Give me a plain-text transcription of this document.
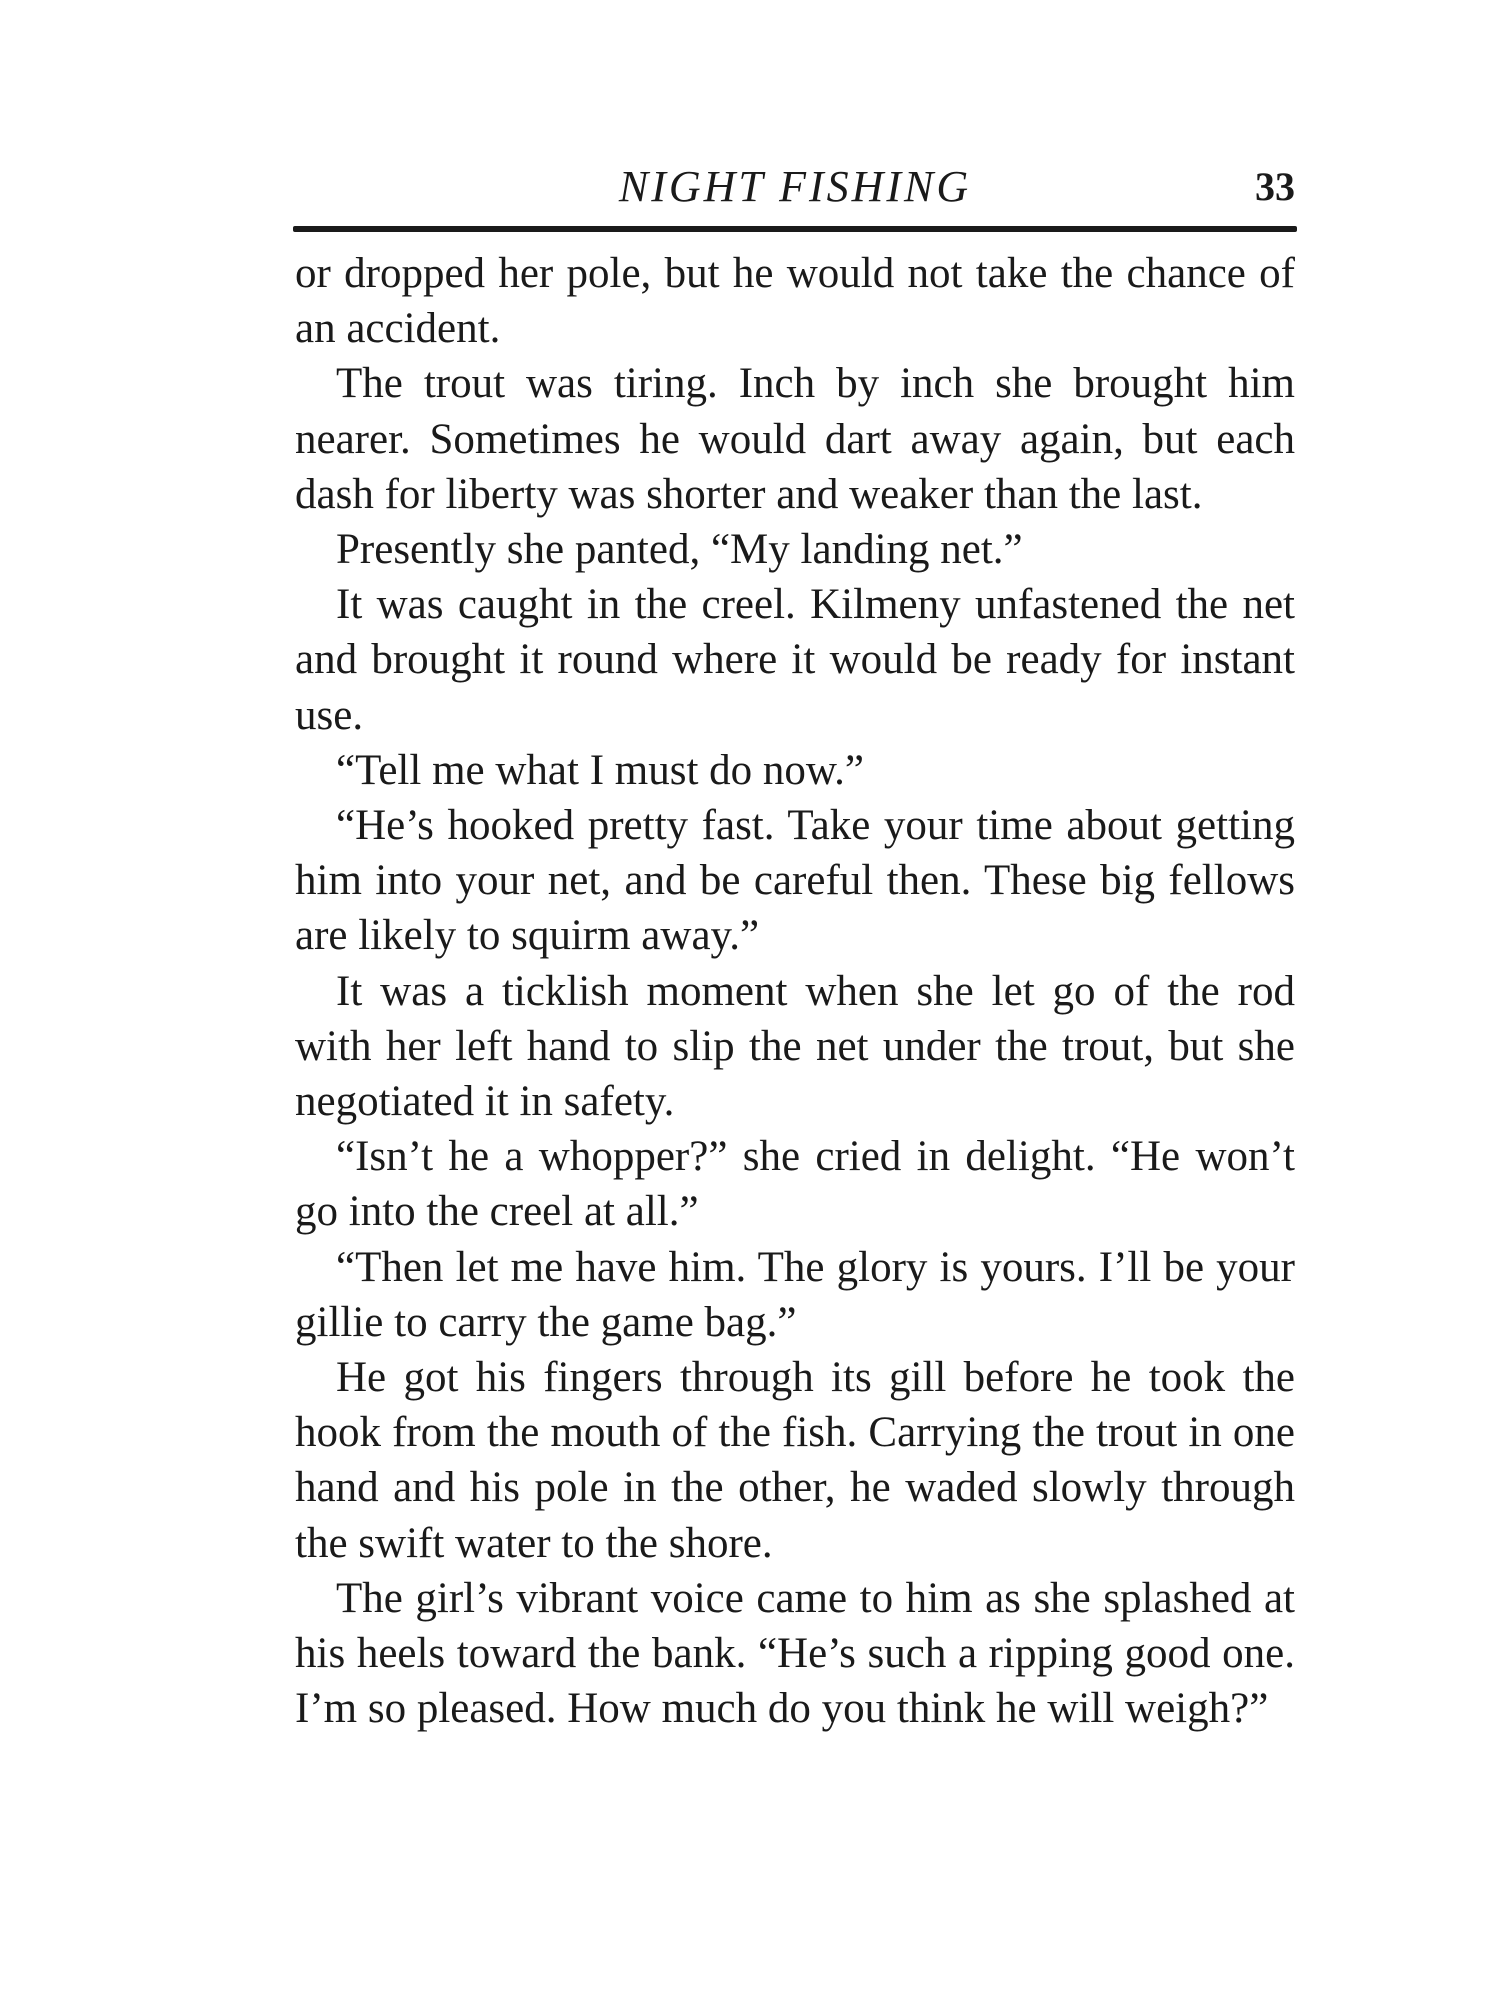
NIGHT FISHING	33

or dropped her pole, but he would not take the chance of an accident.

The trout was tiring. Inch by inch she brought him nearer. Sometimes he would dart away again, but each dash for liberty was shorter and weaker than the last.

Presently she panted, “My landing net.”

It was caught in the creel. Kilmeny unfastened the net and brought it round where it would be ready for instant use.

“Tell me what I must do now.”

“He’s hooked pretty fast. Take your time about getting him into your net, and be careful then. These big fellows are likely to squirm away.”

It was a ticklish moment when she let go of the rod with her left hand to slip the net under the trout, but she negotiated it in safety.

“Isn’t he a whopper?” she cried in delight. “He won’t go into the creel at all.”

“Then let me have him. The glory is yours. I’ll be your gillie to carry the game bag.”

He got his fingers through its gill before he took the hook from the mouth of the fish. Carrying the trout in one hand and his pole in the other, he waded slowly through the swift water to the shore.

The girl’s vibrant voice came to him as she splashed at his heels toward the bank. “He’s such a ripping good one. I’m so pleased. How much do you think he will weigh?”
